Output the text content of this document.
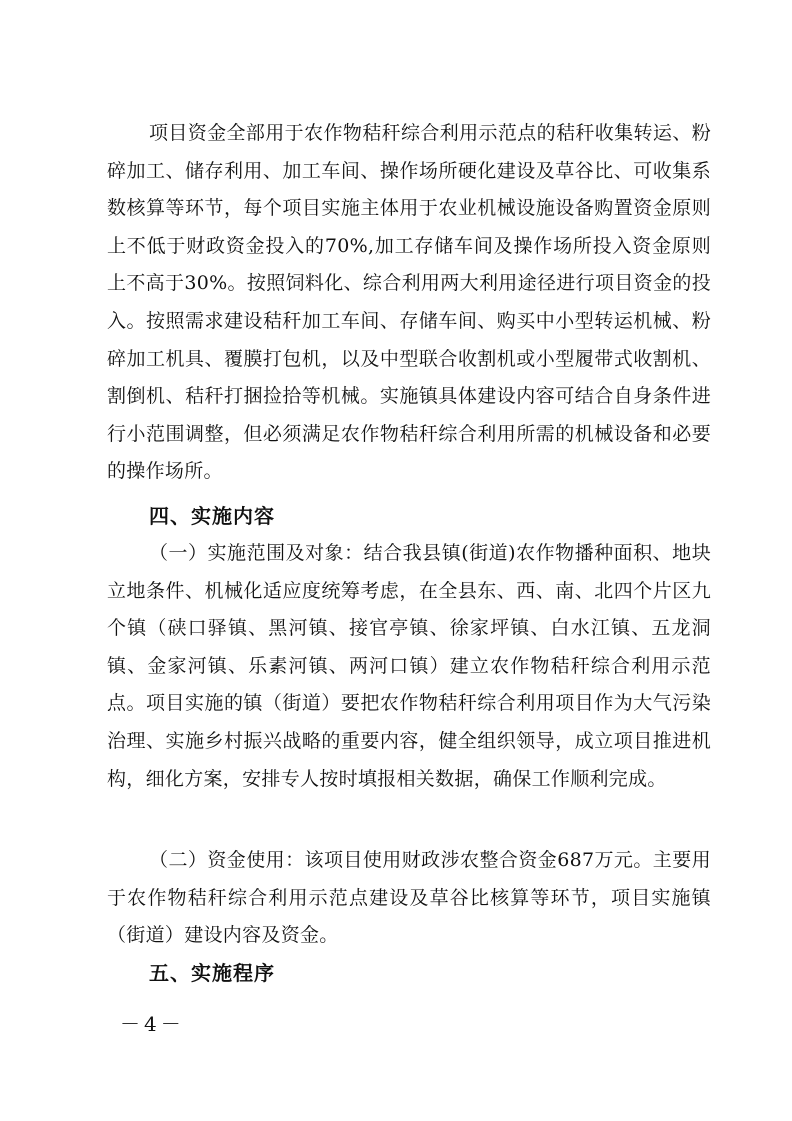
项目资金全部用于农作物秸秆综合利用示范点的秸秆收集转运、粉碎加工、储存利用、加工车间、操作场所硬化建设及草谷比、可收集系数核算等环节，每个项目实施主体用于农业机械设施设备购置资金原则上不低于财政资金投入的70%,加工存储车间及操作场所投入资金原则上不高于30%。按照饲料化、综合利用两大利用途径进行项目资金的投入。按照需求建设秸秆加工车间、存储车间、购买中小型转运机械、粉碎加工机具、覆膜打包机，以及中型联合收割机或小型履带式收割机、割倒机、秸秆打捆捡拾等机械。实施镇具体建设内容可结合自身条件进行小范围调整，但必须满足农作物秸秆综合利用所需的机械设备和必要的操作场所。

四、实施内容

（一）实施范围及对象：结合我县镇(街道)农作物播种面积、地块立地条件、机械化适应度统筹考虑，在全县东、西、南、北四个片区九个镇（硖口驿镇、黑河镇、接官亭镇、徐家坪镇、白水江镇、五龙洞镇、金家河镇、乐素河镇、两河口镇）建立农作物秸秆综合利用示范点。项目实施的镇（街道）要把农作物秸秆综合利用项目作为大气污染治理、实施乡村振兴战略的重要内容，健全组织领导，成立项目推进机构，细化方案，安排专人按时填报相关数据，确保工作顺利完成。

（二）资金使用：该项目使用财政涉农整合资金687万元。主要用于农作物秸秆综合利用示范点建设及草谷比核算等环节，项目实施镇（街道）建设内容及资金。

五、实施程序
－4－
